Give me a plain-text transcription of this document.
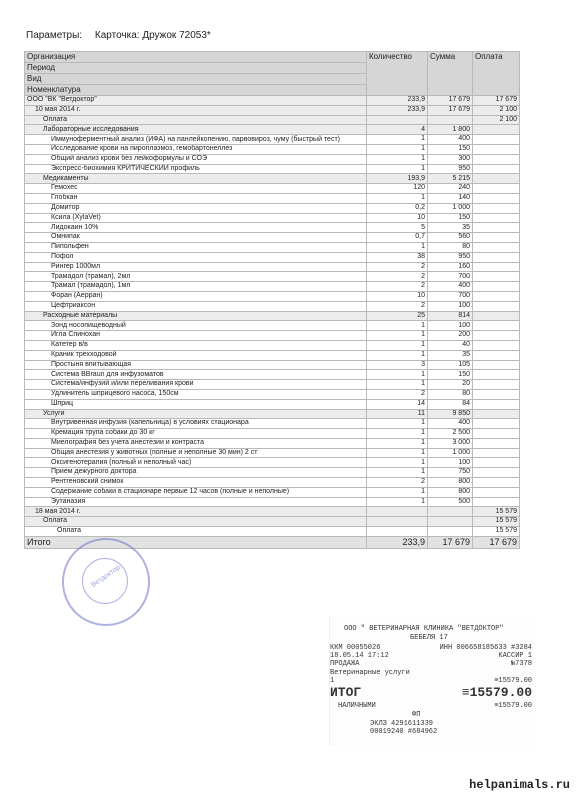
Параметры: Карточка: Дружок 72053*
Организация	Количество	Сумма	Оплата
Период			
Вид			
Номенклатура			
ООО "ВК "Ветдоктор"	233,9	17 679	17 679
10 мая 2014 г.	233,9	17 679	2 100
Оплата			2 100
Лабораторные исследования	4	1 800	
Иммуноферментный анализ (ИФА) на панлейкопению, парвовироз, чуму (быстрый тест)	1	400	
Исследование крови на пироплазмоз, гемобартонеллез	1	150	
Общий анализ крови без лейкоформулы и СОЭ	1	300	
Экспресс-биохимия КРИТИЧЕСКИЙ профиль	1	950	
Медикаменты	193,9	5 215	
Гемохес	120	240	
Глобкан	1	140	
Домитор	0,2	1 000	
Ксила (XylaVet)	10	150	
Лидокаин 10%	5	35	
Омнипак	0,7	560	
Пипольфен	1	80	
Пофол	38	950	
Рингер 1000мл	2	160	
Трамадол (трамал), 2мл	2	700	
Трамал (трамадол), 1мл	2	400	
Форан (Аерран)	10	700	
Цефтриаксон	2	100	
Расходные материалы	25	814	
Зонд носопищеводный	1	100	
Игла Спинохан	1	200	
Катетер в/в	1	40	
Краник трехходовой	1	35	
Простыня впитывающая	3	105	
Система BBraun для инфузоматов	1	150	
Система/инфузий и/или переливания крови	1	20	
Удлинитель шприцевого насоса, 150см	2	80	
Шприц	14	84	
Услуги	11	9 850	
Внутривенная инфузия (капельница) в условиях стационара	1	400	
Кремация трупа собаки до 30 кг	1	2 500	
Миелография без учета анестезии и контраста	1	3 000	
Общая анестезия у животных (полные и неполные 30 мин) 2 ст	1	1 000	
Оксигенотерапия (полный и неполный час)	1	100	
Прием дежурного доктора	1	750	
Рентгеновский снимок	2	800	
Содержание собаки в стационаре первые 12 часов (полные и неполные)	1	800	
Эутаназия	1	500	
18 мая 2014 г.			15 579
Оплата			15 579
Оплата			15 579
Итого	233,9	17 679	17 679
Ветдоктор
ООО " ВЕТЕРИНАРНАЯ КЛИНИКА "ВЕТДОКТОР"
БЕБЕЛЯ 17
ККМ 00055026	ИНН 006658185633 #3284
18.05.14 17:12	КАССИР 1
ПРОДАЖА	№7378
Ветеринарные услуги
1	≡15579.00
ИТОГ	≡15579.00
НАЛИЧНЫМИ	≡15579.00
ФП
ЭКЛЗ 4291611339
00019240 #684962
helpanimals.ru
